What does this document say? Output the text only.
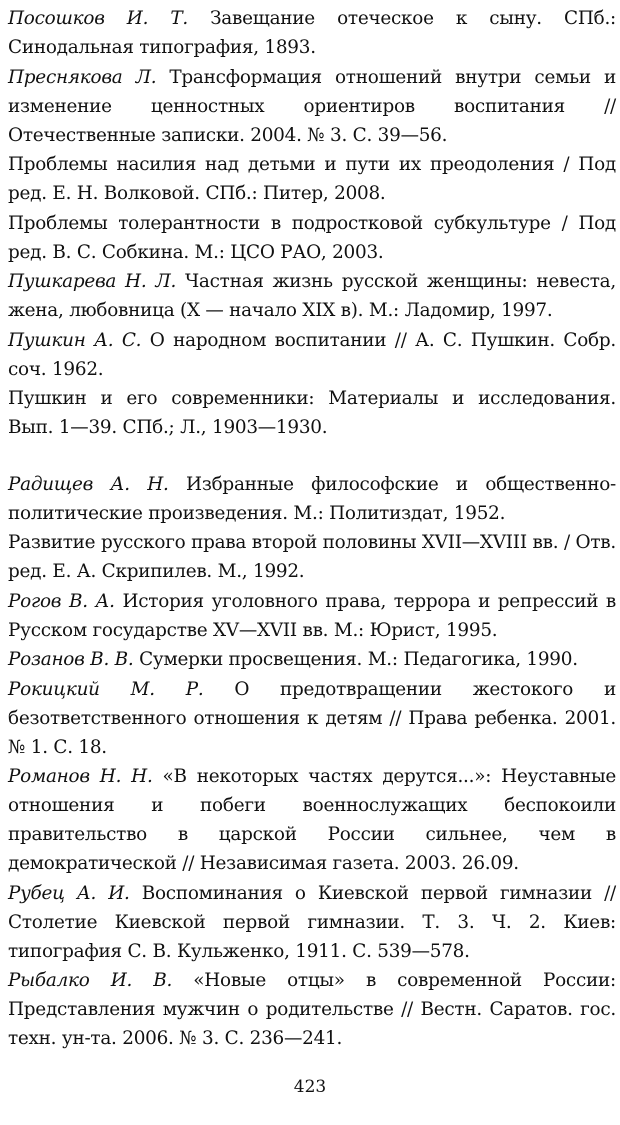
Посошков И. Т. Завещание отеческое к сыну. СПб.: Синодальная типография, 1893.

Преснякова Л. Трансформация отношений внутри семьи и изменение ценностных ориентиров воспитания // Отечественные записки. 2004. № 3. С. 39—56.

Проблемы насилия над детьми и пути их преодоления / Под ред. Е. Н. Волковой. СПб.: Питер, 2008.

Проблемы толерантности в подростковой субкультуре / Под ред. В. С. Собкина. М.: ЦСО РАО, 2003.

Пушкарева Н. Л. Частная жизнь русской женщины: невеста, жена, любовница (X — начало XIX в). М.: Ладомир, 1997.

Пушкин А. С. О народном воспитании // А. С. Пушкин. Собр. соч. 1962.

Пушкин и его современники: Материалы и исследования. Вып. 1—39. СПб.; Л., 1903—1930.

Радищев А. Н. Избранные философские и общественно-политические произведения. М.: Политиздат, 1952.

Развитие русского права второй половины XVII—XVIII вв. / Отв. ред. Е. А. Скрипилев. М., 1992.

Рогов В. А. История уголовного права, террора и репрессий в Русском государстве XV—XVII вв. М.: Юрист, 1995.

Розанов В. В. Сумерки просвещения. М.: Педагогика, 1990.

Рокицкий М. Р. О предотвращении жестокого и безответственного отношения к детям // Права ребенка. 2001. № 1. С. 18.

Романов Н. Н. «В некоторых частях дерутся...»: Неуставные отношения и побеги военнослужащих беспокоили правительство в царской России сильнее, чем в демократической // Независимая газета. 2003. 26.09.

Рубец А. И. Воспоминания о Киевской первой гимназии // Столетие Киевской первой гимназии. Т. 3. Ч. 2. Киев: типография С. В. Кульженко, 1911. С. 539—578.

Рыбалко И. В. «Новые отцы» в современной России: Представления мужчин о родительстве // Вестн. Саратов. гос. техн. ун-та. 2006. № 3. С. 236—241.

423
